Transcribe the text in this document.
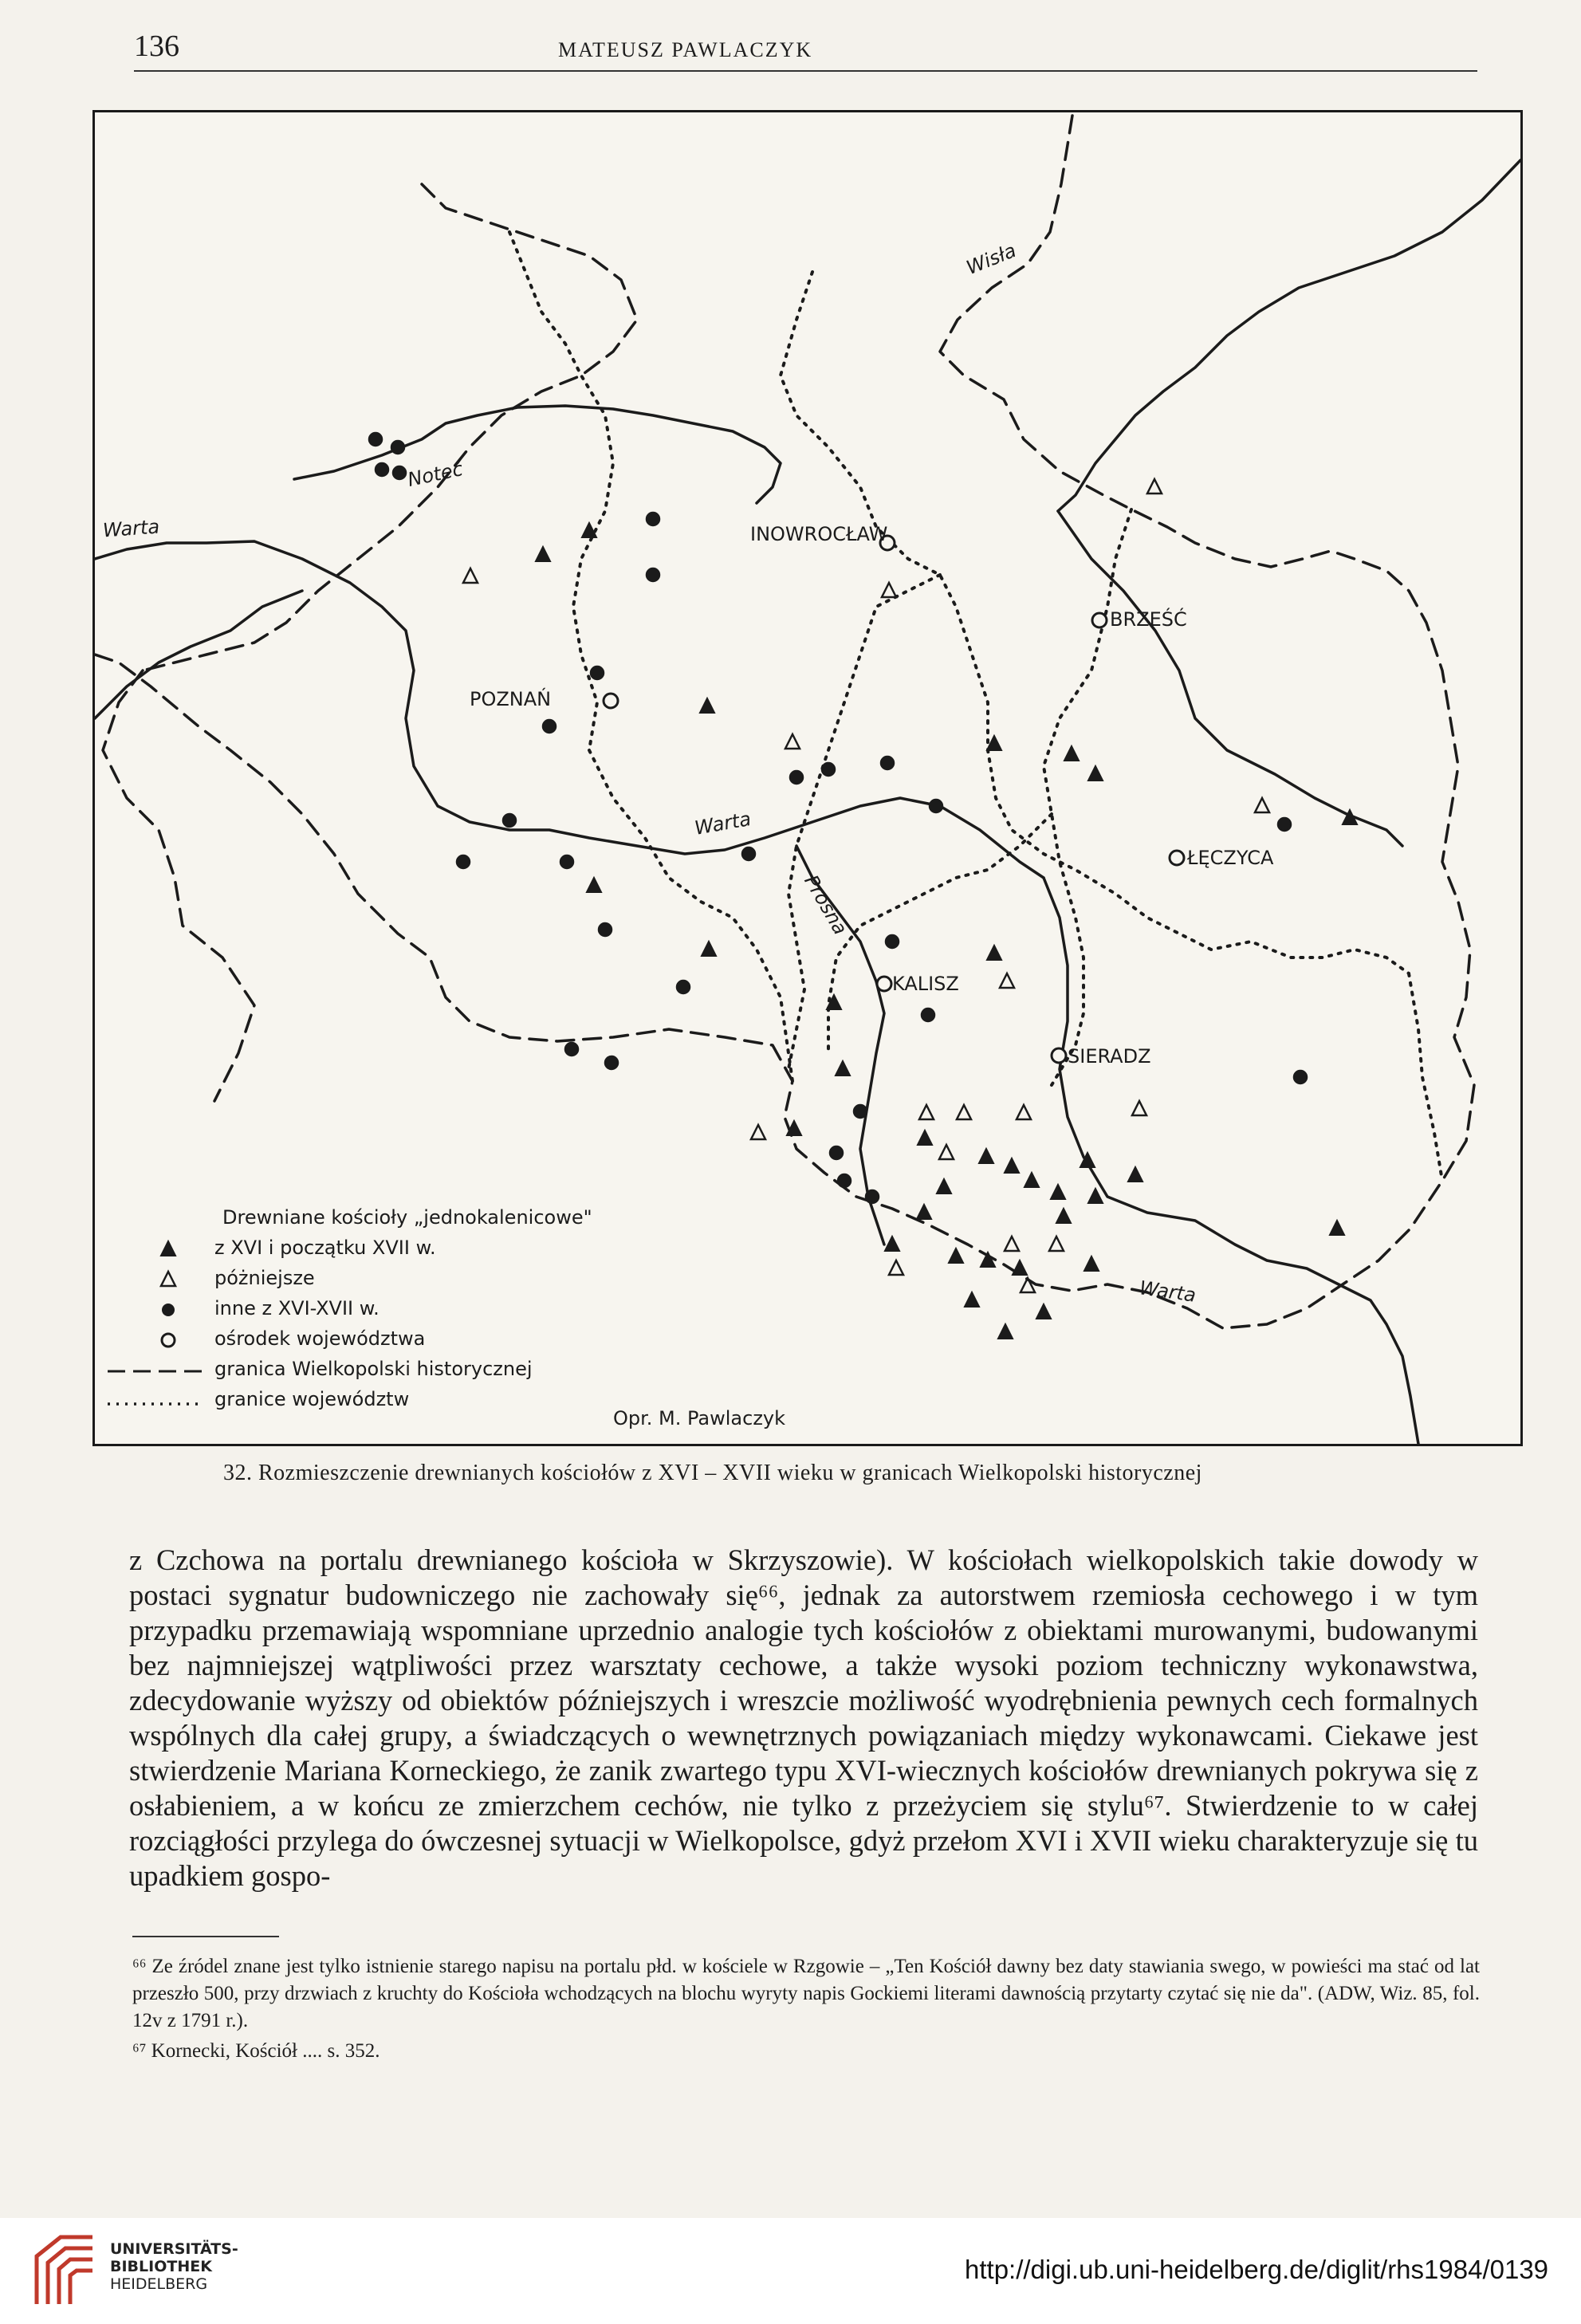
136	MATEUSZ PAWLACZYK
INOWROCŁAW
POZNAŃ
BRZEŚĆ
ŁĘCZYCA
KALISZ
SIERADZ
Wisła
Noteć
Warta
Warta
Prosna
Warta
Drewniane kościoły „jednokalenicowe"
z XVI i początku XVII w.
póżniejsze
inne z XVI-XVII w.
ośrodek województwa
granica Wielkopolski historycznej
granice województw
Opr. M. Pawlaczyk
32. Rozmieszczenie drewnianych kościołów z XVI – XVII wieku w granicach Wielkopolski historycznej

z Czchowa na portalu drewnianego kościoła w Skrzyszowie). W kościołach wielkopolskich takie dowody w postaci sygnatur budowniczego nie zachowały się⁶⁶, jednak za autorstwem rzemiosła cechowego i w tym przypadku przemawiają wspomniane uprzednio analogie tych kościołów z obiektami murowanymi, budowanymi bez najmniejszej wątpliwości przez warsztaty cechowe, a także wysoki poziom techniczny wykonawstwa, zdecydowanie wyższy od obiektów późniejszych i wreszcie możliwość wyodrębnienia pewnych cech formalnych wspólnych dla całej grupy, a świadczących o wewnętrznych powiązaniach między wykonawcami. Ciekawe jest stwierdzenie Mariana Korneckiego, że zanik zwartego typu XVI-wiecznych kościołów drewnianych pokrywa się z osłabieniem, a w końcu ze zmierzchem cechów, nie tylko z przeżyciem się stylu⁶⁷. Stwierdzenie to w całej rozciągłości przylega do ówczesnej sytuacji w Wielkopolsce, gdyż przełom XVI i XVII wieku charakteryzuje się tu upadkiem gospo-

⁶⁶ Ze źródel znane jest tylko istnienie starego napisu na portalu płd. w kościele w Rzgowie – „Ten Kościół dawny bez daty stawiania swego, w powieści ma stać od lat przeszło 500, przy drzwiach z kruchty do Kościoła wchodzących na blochu wyryty napis Gockiemi literami dawnością przytarty czytać się nie da". (ADW, Wiz. 85, fol. 12v z 1791 r.).

⁶⁷ Kornecki, Kościół .... s. 352.

UNIVERSITÄTS-
BIBLIOTHEK
HEIDELBERG	http://digi.ub.uni-heidelberg.de/diglit/rhs1984/0139
